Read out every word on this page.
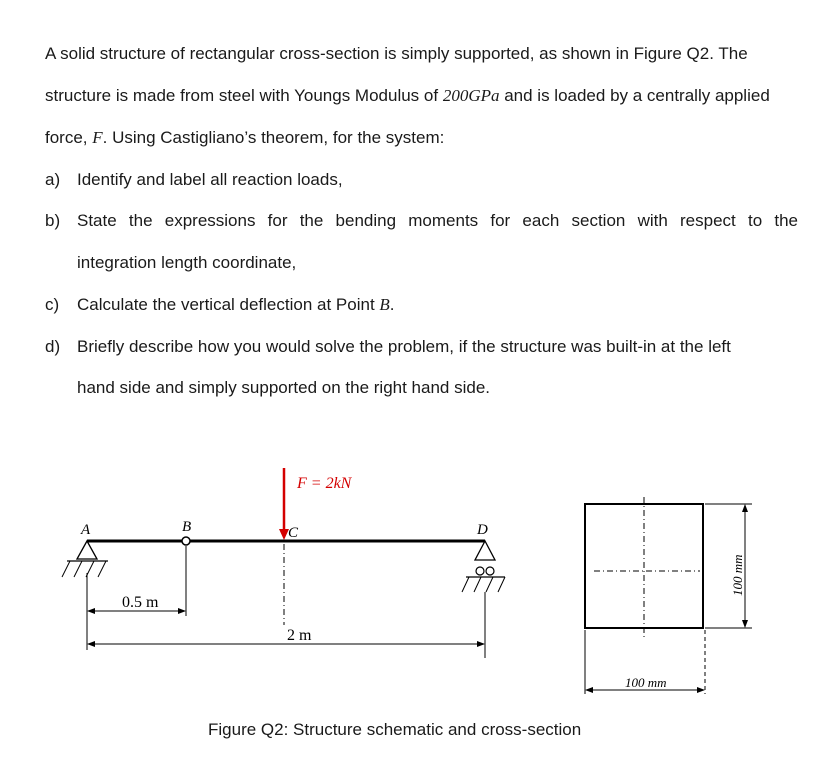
A solid structure of rectangular cross-section is simply supported, as shown in Figure Q2. The
structure is made from steel with Youngs Modulus of 200GPa and is loaded by a centrally applied
force, F. Using Castigliano’s theorem, for the system:
a) Identify and label all reaction loads,
b) State the expressions for the bending moments for each section with respect to the
integration length coordinate,
c) Calculate the vertical deflection at Point B.
d) Briefly describe how you would solve the problem, if the structure was built-in at the left
hand side and simply supported on the right hand side.
A	B	C	D
F = 2kN
0.5 m
2 m
100 mm
100 mm
Figure Q2: Structure schematic and cross-section
